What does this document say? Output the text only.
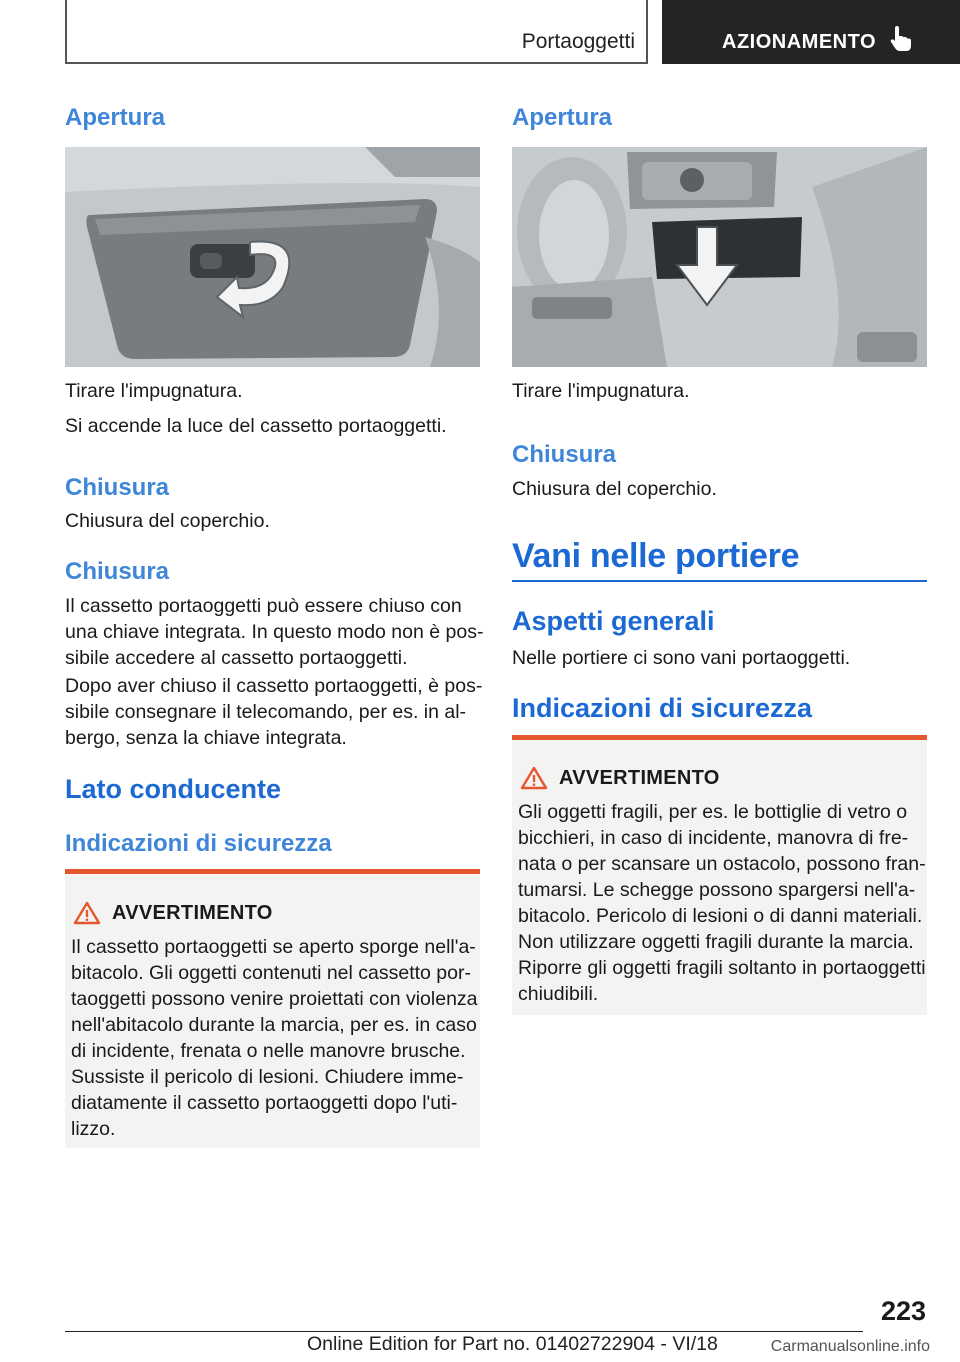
Portaoggetti	AZIONAMENTO
Apertura
Tirare l'impugnatura.
Si accende la luce del cassetto portaoggetti.
Chiusura
Chiusura del coperchio.
Chiusura
Il cassetto portaoggetti può essere chiuso con
una chiave integrata. In questo modo non è pos-
sibile accedere al cassetto portaoggetti.
Dopo aver chiuso il cassetto portaoggetti, è pos-
sibile consegnare il telecomando, per es. in al-
bergo, senza la chiave integrata.
Lato conducente
Indicazioni di sicurezza
AVVERTIMENTO
Il cassetto portaoggetti se aperto sporge nell'a-
bitacolo. Gli oggetti contenuti nel cassetto por-
taoggetti possono venire proiettati con violenza
nell'abitacolo durante la marcia, per es. in caso
di incidente, frenata o nelle manovre brusche.
Sussiste il pericolo di lesioni. Chiudere imme-
diatamente il cassetto portaoggetti dopo l'uti-
lizzo.
Apertura
Tirare l'impugnatura.
Chiusura
Chiusura del coperchio.
Vani nelle portiere
Aspetti generali
Nelle portiere ci sono vani portaoggetti.
Indicazioni di sicurezza
AVVERTIMENTO
Gli oggetti fragili, per es. le bottiglie di vetro o
bicchieri, in caso di incidente, manovra di fre-
nata o per scansare un ostacolo, possono fran-
tumarsi. Le schegge possono spargersi nell'a-
bitacolo. Pericolo di lesioni o di danni materiali.
Non utilizzare oggetti fragili durante la marcia.
Riporre gli oggetti fragili soltanto in portaoggetti
chiudibili.
223
Online Edition for Part no. 01402722904 - VI/18	Carmanualsonline.info
